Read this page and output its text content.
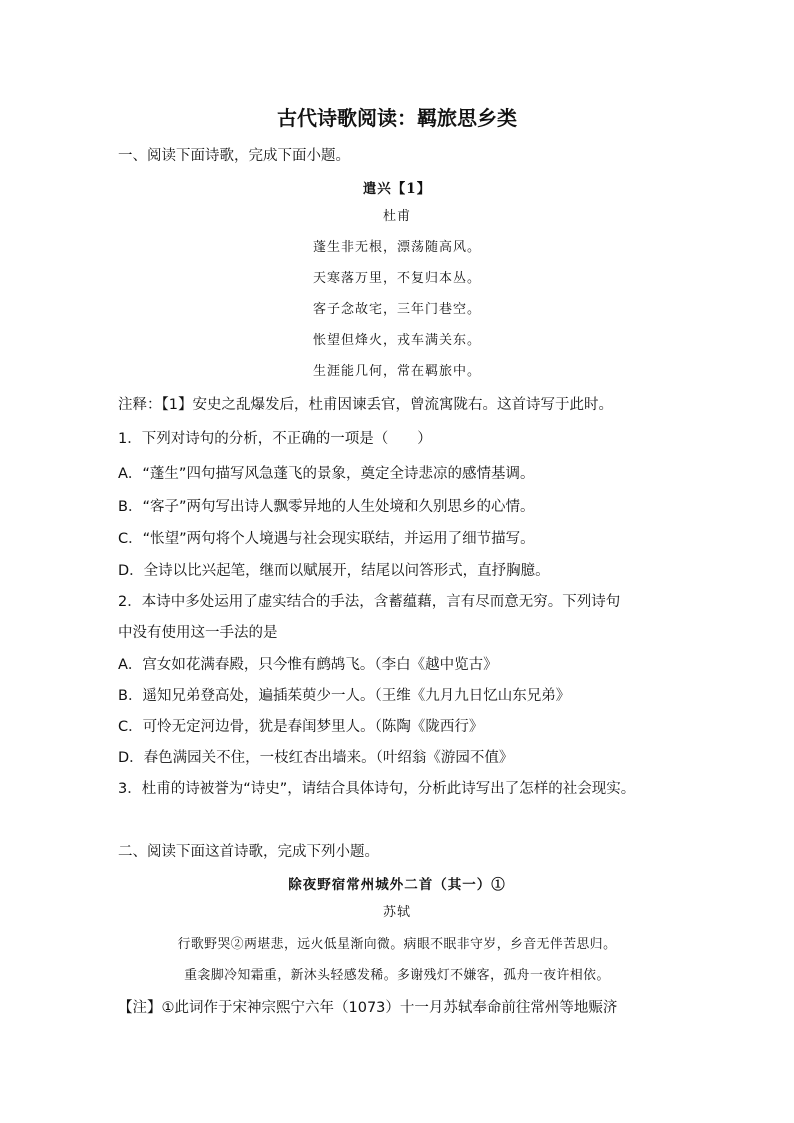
古代诗歌阅读：羁旅思乡类
一、阅读下面诗歌，完成下面小题。
遣兴【1】
杜甫
蓬生非无根，漂荡随高风。
天寒落万里，不复归本丛。
客子念故宅，三年门巷空。
怅望但烽火，戎车满关东。
生涯能几何，常在羁旅中。
注释：【1】安史之乱爆发后，杜甫因谏丢官，曾流寓陇右。这首诗写于此时。
1．下列对诗句的分析，不正确的一项是（　　）
A．“蓬生”四句描写风急蓬飞的景象，奠定全诗悲凉的感情基调。
B．“客子”两句写出诗人飘零异地的人生处境和久别思乡的心情。
C．“怅望”两句将个人境遇与社会现实联结，并运用了细节描写。
D．全诗以比兴起笔，继而以赋展开，结尾以问答形式，直抒胸臆。
2．本诗中多处运用了虚实结合的手法，含蓄蕴藉，言有尽而意无穷。下列诗句
中没有使用这一手法的是
A．宫女如花满春殿，只今惟有鹧鸪飞。（李白《越中览古》
B．遥知兄弟登高处，遍插茱萸少一人。（王维《九月九日忆山东兄弟》
C．可怜无定河边骨，犹是春闺梦里人。（陈陶《陇西行》
D．春色满园关不住，一枝红杏出墙来。（叶绍翁《游园不值》
3．杜甫的诗被誉为“诗史”，请结合具体诗句，分析此诗写出了怎样的社会现实。
二、阅读下面这首诗歌，完成下列小题。
除夜野宿常州城外二首（其一）①
苏轼
行歌野哭②两堪悲，远火低星渐向微。病眼不眠非守岁，乡音无伴苦思归。
重衾脚冷知霜重，新沐头轻感发稀。多谢残灯不嫌客，孤舟一夜许相依。
【注】①此词作于宋神宗熙宁六年（1073）十一月苏轼奉命前往常州等地赈济
